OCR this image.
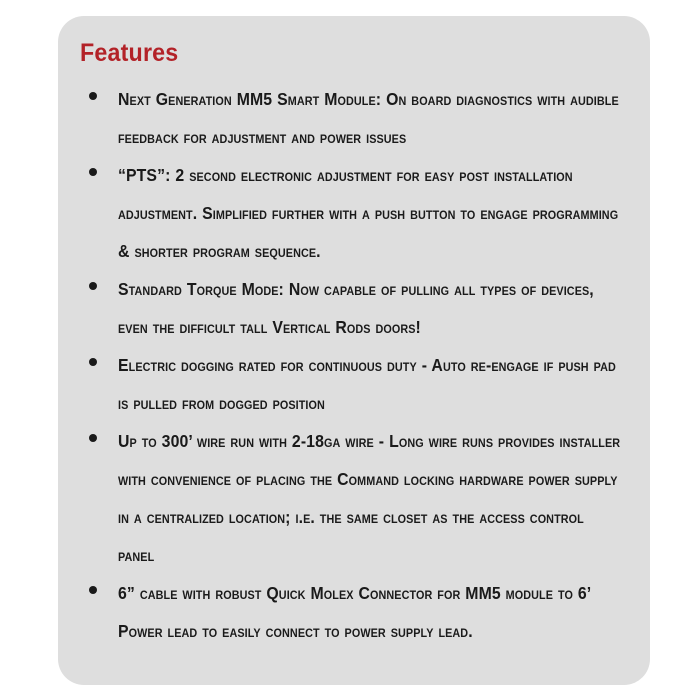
Features
Next Generation MM5 Smart Module: On board diagnostics with audible feedback for adjustment and power issues
“PTS”: 2 second electronic adjustment for easy post installation adjustment. Simplified further with a push button to engage programming & shorter program sequence.
Standard Torque Mode: Now capable of pulling all types of devices, even the difficult tall Vertical Rods doors!
Electric dogging rated for continuous duty - Auto re-engage if push pad is pulled from dogged position
Up to 300’ wire run with 2-18ga wire - Long wire runs provides installer with convenience of placing the Command locking hardware power supply in a centralized location; i.e. the same closet as the access control panel
6” cable with robust Quick Molex Connector for MM5 module to 6’ Power lead to easily connect to power supply lead.
